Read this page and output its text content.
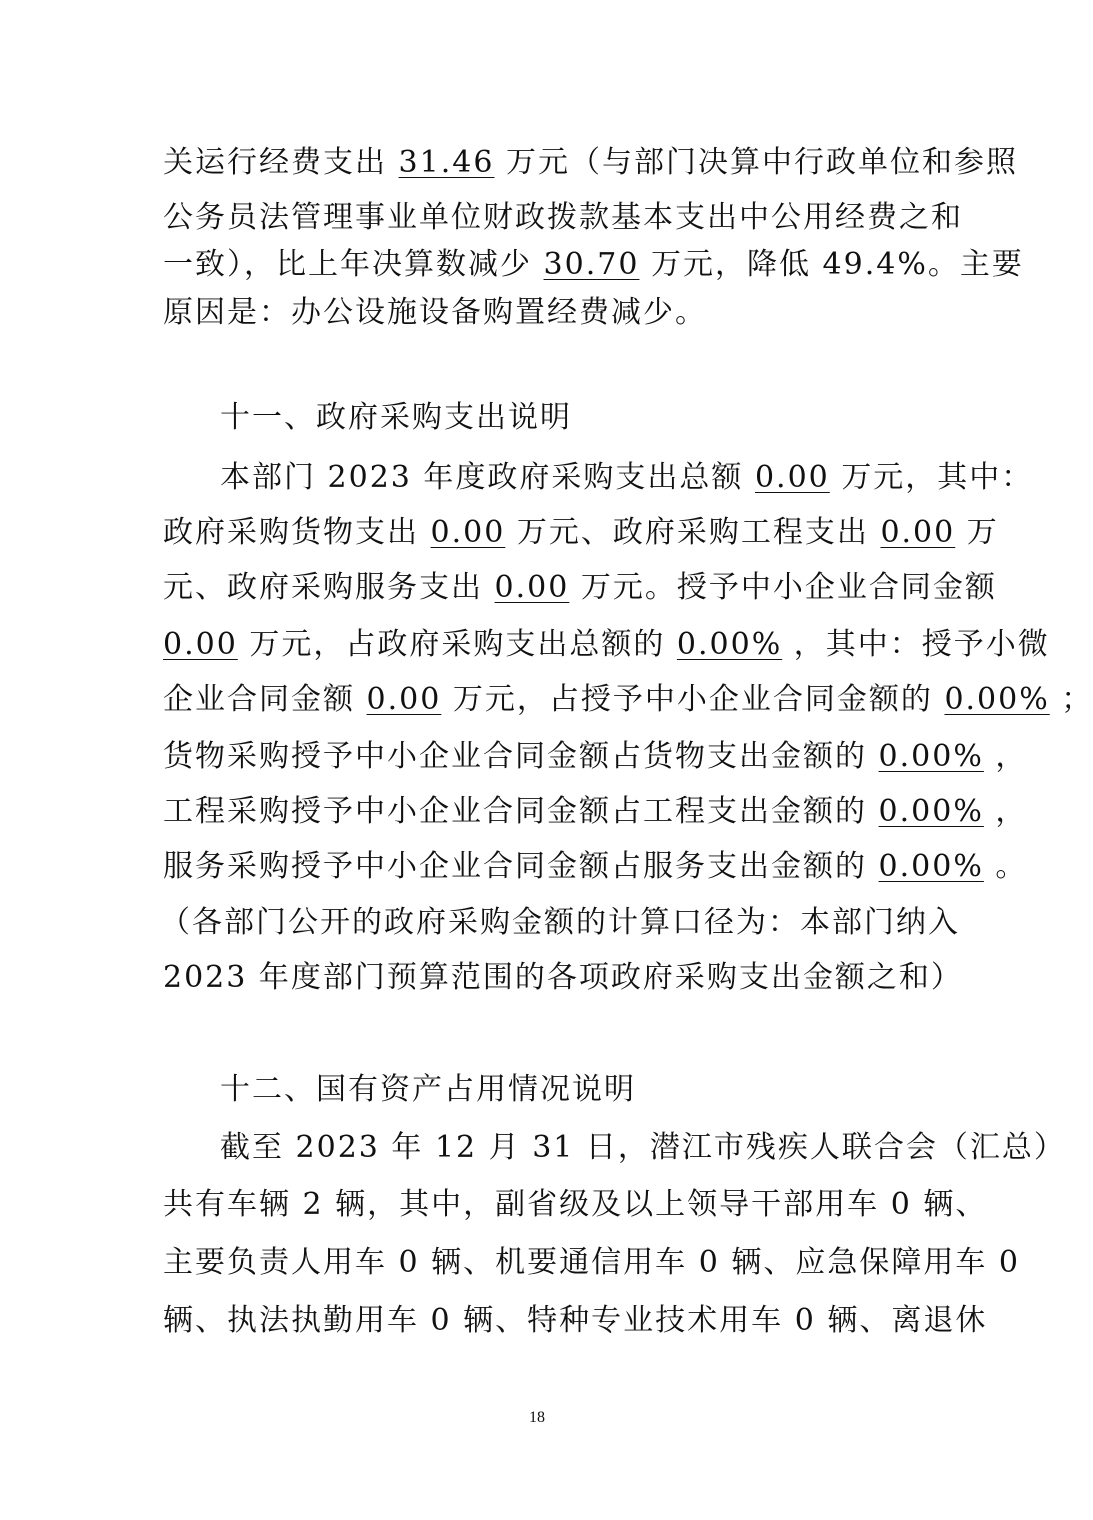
关运行经费支出 31.46 万元（与部门决算中行政单位和参照
公务员法管理事业单位财政拨款基本支出中公用经费之和
一致），比上年决算数减少 30.70 万元，降低 49.4%。主要
原因是：办公设施设备购置经费减少。
十一、政府采购支出说明
本部门 2023 年度政府采购支出总额 0.00 万元，其中：
政府采购货物支出 0.00 万元、政府采购工程支出 0.00 万
元、政府采购服务支出 0.00 万元。授予中小企业合同金额
0.00 万元，占政府采购支出总额的 0.00% ，其中：授予小微
企业合同金额 0.00 万元，占授予中小企业合同金额的 0.00% ；
货物采购授予中小企业合同金额占货物支出金额的 0.00% ，
工程采购授予中小企业合同金额占工程支出金额的 0.00% ，
服务采购授予中小企业合同金额占服务支出金额的 0.00% 。
（各部门公开的政府采购金额的计算口径为：本部门纳入
2023 年度部门预算范围的各项政府采购支出金额之和）
十二、国有资产占用情况说明
截至 2023 年 12 月 31 日，潜江市残疾人联合会（汇总）
共有车辆 2 辆，其中，副省级及以上领导干部用车 0 辆、
主要负责人用车 0 辆、机要通信用车 0 辆、应急保障用车 0
辆、执法执勤用车 0 辆、特种专业技术用车 0 辆、离退休
18
